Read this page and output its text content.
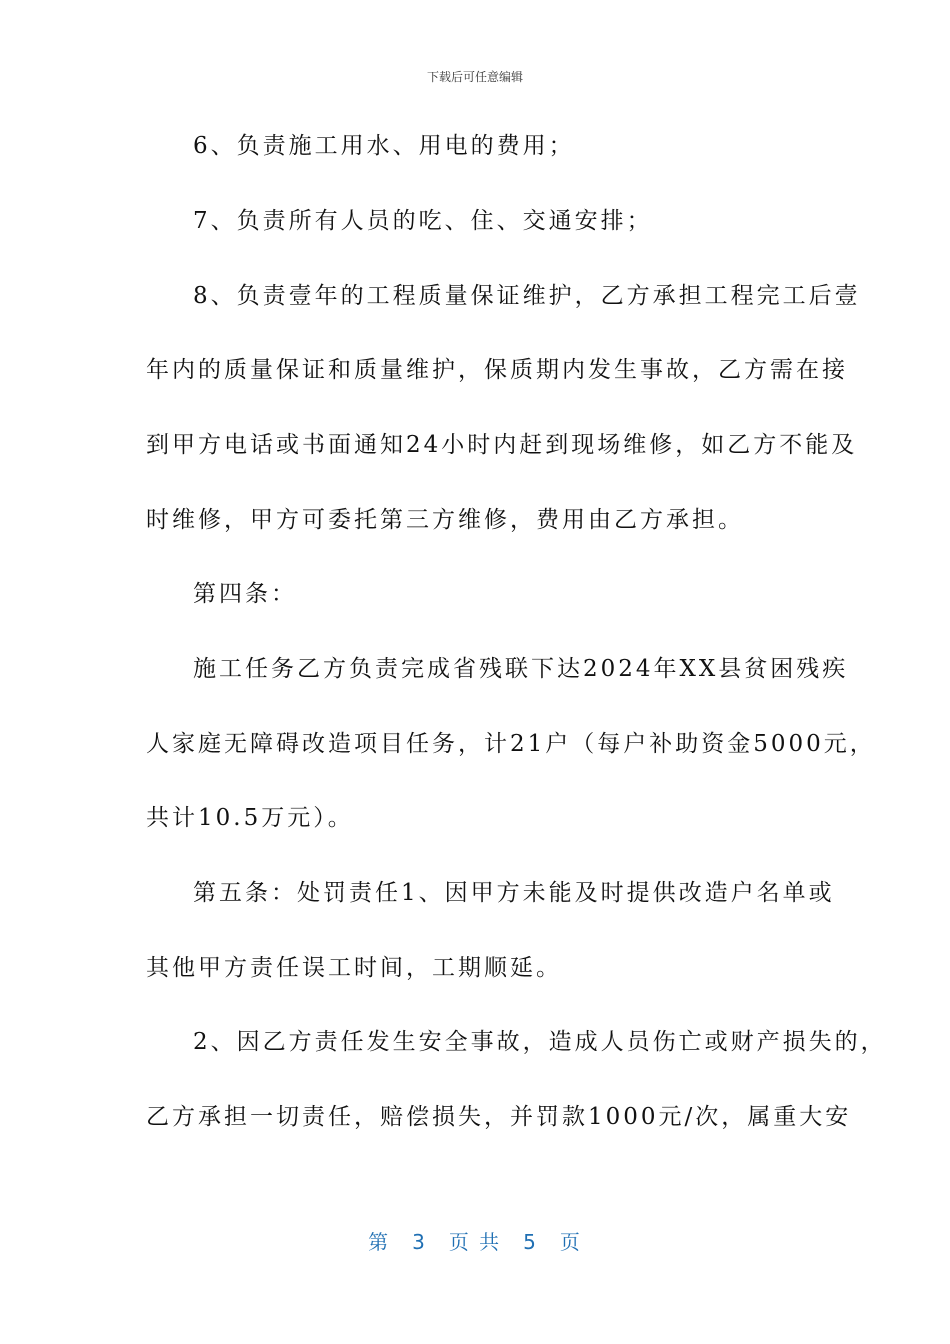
下载后可任意编辑
6、负责施工用水、用电的费用；
7、负责所有人员的吃、住、交通安排；
8、负责壹年的工程质量保证维护，乙方承担工程完工后壹
年内的质量保证和质量维护，保质期内发生事故，乙方需在接
到甲方电话或书面通知24小时内赶到现场维修，如乙方不能及
时维修，甲方可委托第三方维修，费用由乙方承担。
第四条：
施工任务乙方负责完成省残联下达2024年XX县贫困残疾
人家庭无障碍改造项目任务，计21户（每户补助资金5000元，
共计10.5万元）。
第五条：处罚责任1、因甲方未能及时提供改造户名单或
其他甲方责任误工时间，工期顺延。
2、因乙方责任发生安全事故，造成人员伤亡或财产损失的，
乙方承担一切责任，赔偿损失，并罚款1000元/次，属重大安
第 3 页 共 5 页
